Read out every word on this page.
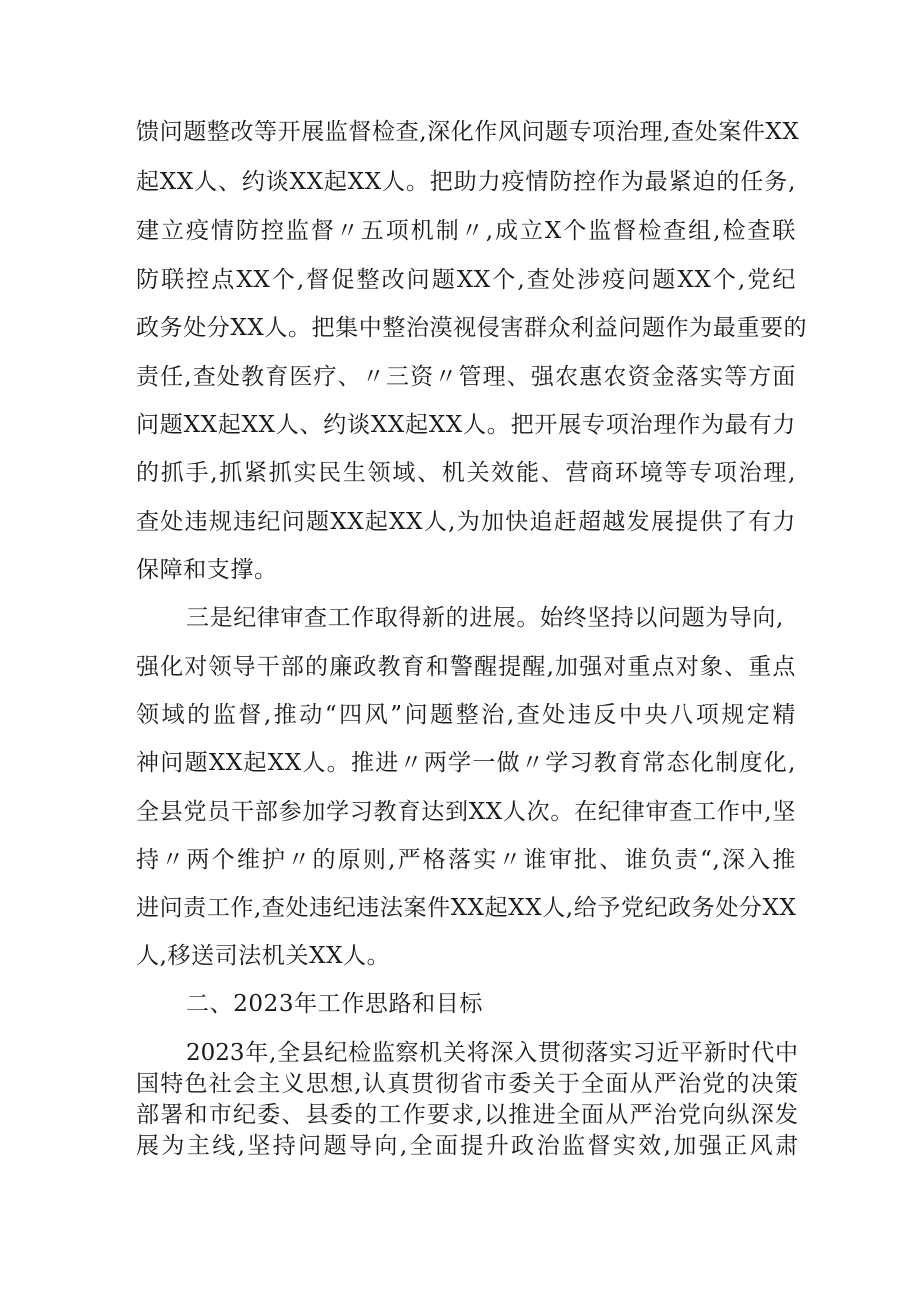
馈问题整改等开展监督检查,深化作风问题专项治理,查处案件XX
起XX人、约谈XX起XX人。把助力疫情防控作为最紧迫的任务,
建立疫情防控监督〃五项机制〃,成立X个监督检查组,检查联
防联控点XX个,督促整改问题XX个,查处涉疫问题XX个,党纪
政务处分XX人。把集中整治漠视侵害群众利益问题作为最重要的
责任,查处教育医疗、〃三资〃管理、强农惠农资金落实等方面
问题XX起XX人、约谈XX起XX人。把开展专项治理作为最有力
的抓手,抓紧抓实民生领域、机关效能、营商环境等专项治理,
查处违规违纪问题XX起XX人,为加快追赶超越发展提供了有力
保障和支撑。
三是纪律审查工作取得新的进展。始终坚持以问题为导向,
强化对领导干部的廉政教育和警醒提醒,加强对重点对象、重点
领域的监督,推动“四风”问题整治,查处违反中央八项规定精
神问题XX起XX人。推进〃两学一做〃学习教育常态化制度化,
全县党员干部参加学习教育达到XX人次。在纪律审查工作中,坚
持〃两个维护〃的原则,严格落实〃谁审批、谁负责“,深入推
进问责工作,查处违纪违法案件XX起XX人,给予党纪政务处分XX
人,移送司法机关XX人。
二、2023年工作思路和目标
2023年,全县纪检监察机关将深入贯彻落实习近平新时代中
国特色社会主义思想,认真贯彻省市委关于全面从严治党的决策
部署和市纪委、县委的工作要求,以推进全面从严治党向纵深发
展为主线,坚持问题导向,全面提升政治监督实效,加强正风肃
